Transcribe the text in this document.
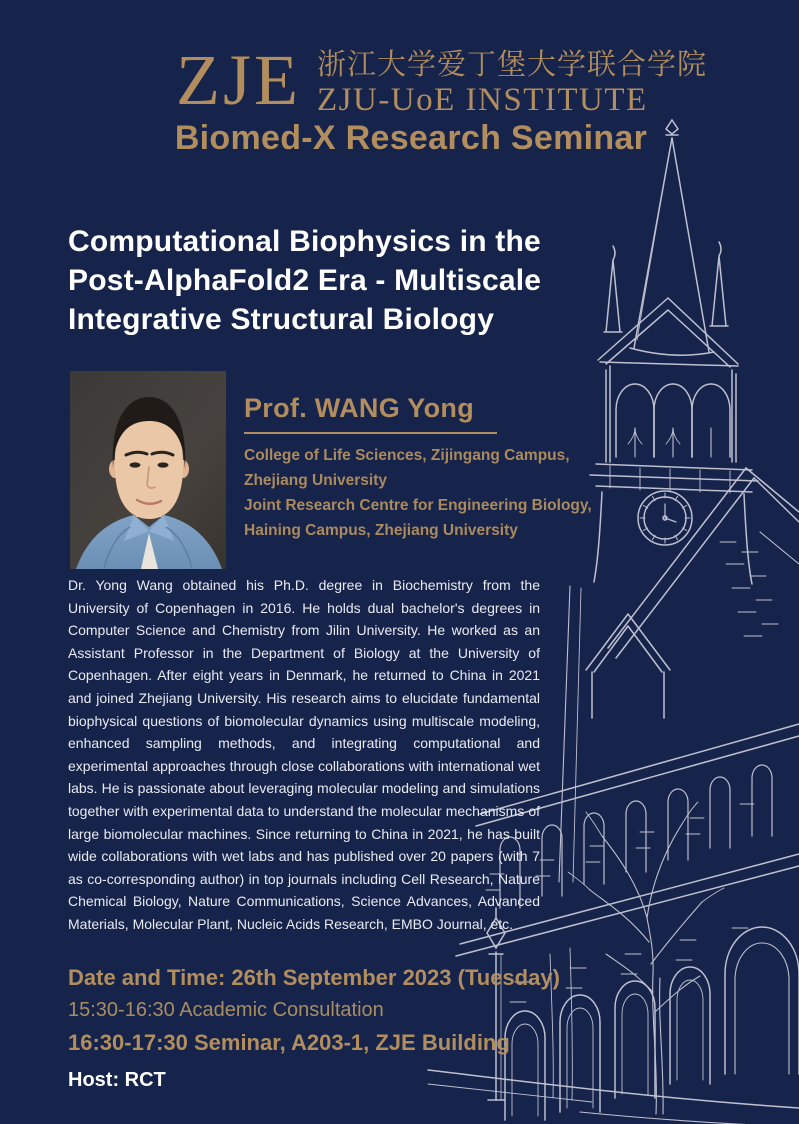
ZJE 浙江大学爱丁堡大学联合学院
ZJU-UoE INSTITUTE
Biomed-X Research Seminar
Computational Biophysics in the
Post-AlphaFold2 Era - Multiscale
Integrative Structural Biology
Prof. WANG Yong
College of Life Sciences, Zijingang Campus,
Zhejiang University
Joint Research Centre for Engineering Biology,
Haining Campus, Zhejiang University
Dr. Yong Wang obtained his Ph.D. degree in Biochemistry from the University of Copenhagen in 2016. He holds dual bachelor's degrees in Computer Science and Chemistry from Jilin University. He worked as an Assistant Professor in the Department of Biology at the University of Copenhagen. After eight years in Denmark, he returned to China in 2021 and joined Zhejiang University. His research aims to elucidate fundamental biophysical questions of biomolecular dynamics using multiscale modeling, enhanced sampling methods, and integrating computational and experimental approaches through close collaborations with international wet labs. He is passionate about leveraging molecular modeling and simulations together with experimental data to understand the molecular mechanisms of large biomolecular machines. Since returning to China in 2021, he has built wide collaborations with wet labs and has published over 20 papers (with 7 as co-corresponding author) in top journals including Cell Research, Nature Chemical Biology, Nature Communications, Science Advances, Advanced Materials, Molecular Plant, Nucleic Acids Research, EMBO Journal, etc.
Date and Time: 26th September 2023 (Tuesday)
15:30-16:30 Academic Consultation
16:30-17:30 Seminar, A203-1, ZJE Building
Host: RCT
